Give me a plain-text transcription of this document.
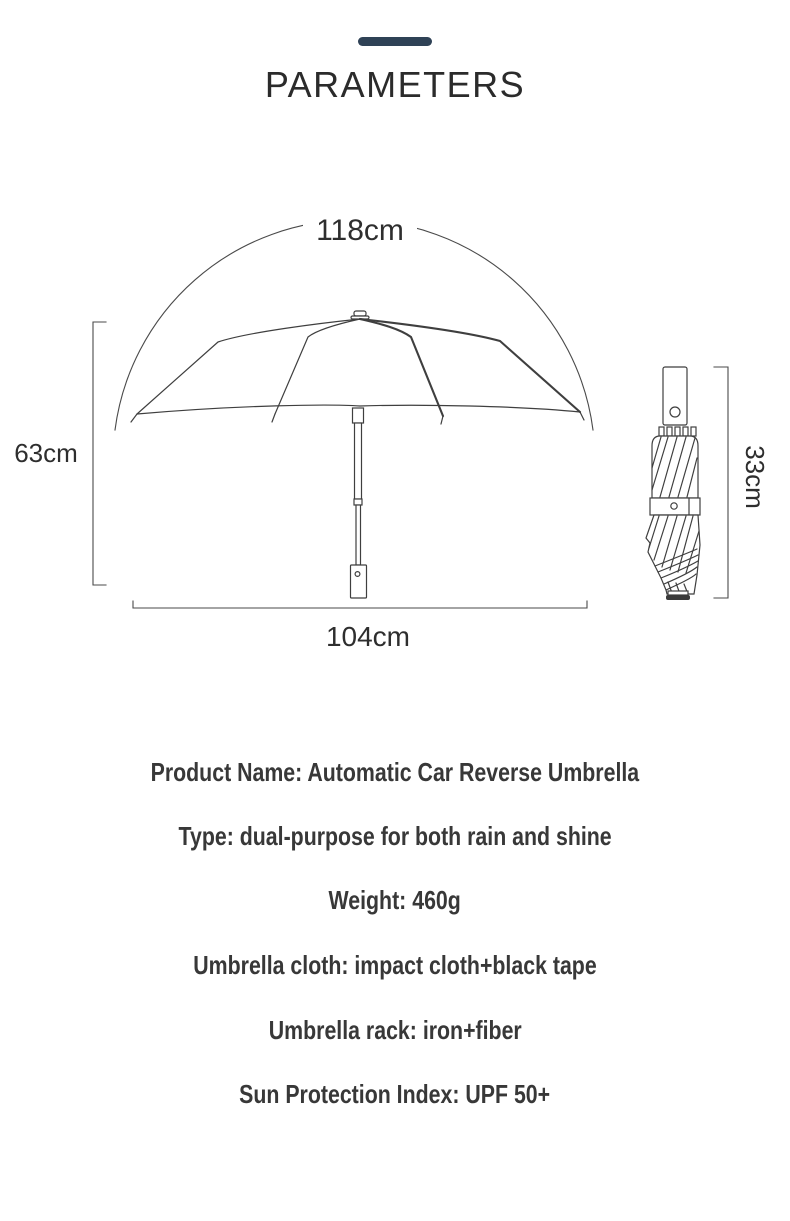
PARAMETERS
118cm
63cm
104cm
33cm
Product Name: Automatic Car Reverse Umbrella
Type: dual-purpose for both rain and shine
Weight: 460g
Umbrella cloth: impact cloth+black tape
Umbrella rack: iron+fiber
Sun Protection Index: UPF 50+
